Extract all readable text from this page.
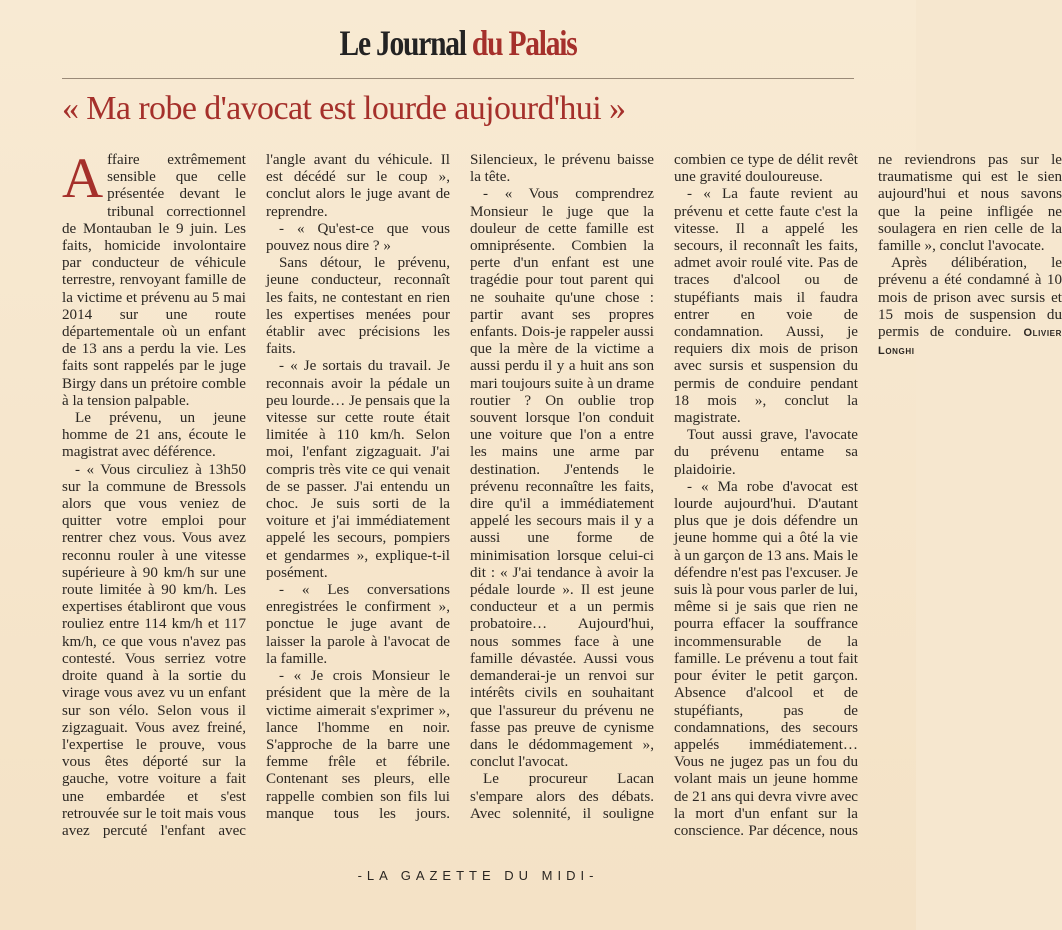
Le Journal du Palais
« Ma robe d'avocat est lourde aujourd'hui »

Affaire extrêmement sensible que celle présentée devant le tribunal correctionnel de Montauban le 9 juin. Les faits, homicide involontaire par conducteur de véhicule terrestre, renvoyant famille de la victime et prévenu au 5 mai 2014 sur une route départementale où un enfant de 13 ans a perdu la vie. Les faits sont rappelés par le juge Birgy dans un prétoire comble à la tension palpable.

Le prévenu, un jeune homme de 21 ans, écoute le magistrat avec déférence.

- « Vous circuliez à 13h50 sur la commune de Bressols alors que vous veniez de quitter votre emploi pour rentrer chez vous. Vous avez reconnu rouler à une vitesse supérieure à 90 km/h sur une route limitée à 90 km/h. Les expertises établiront que vous rouliez entre 114 km/h et 117 km/h, ce que vous n'avez pas contesté. Vous serriez votre droite quand à la sortie du virage vous avez vu un enfant sur son vélo. Selon vous il zigzaguait. Vous avez freiné, l'expertise le prouve, vous vous êtes déporté sur la gauche, votre voiture a fait une embardée et s'est retrouvée sur le toit mais vous avez percuté l'enfant avec l'angle avant du véhicule. Il est décédé sur le coup », conclut alors le juge avant de reprendre.

- « Qu'est-ce que vous pouvez nous dire ? »

Sans détour, le prévenu, jeune conducteur, reconnaît les faits, ne contestant en rien les expertises menées pour établir avec précisions les faits.

- « Je sortais du travail. Je reconnais avoir la pédale un peu lourde… Je pensais que la vitesse sur cette route était limitée à 110 km/h. Selon moi, l'enfant zigzaguait. J'ai compris très vite ce qui venait de se passer. J'ai entendu un choc. Je suis sorti de la voiture et j'ai immédiatement appelé les secours, pompiers et gendarmes », explique-t-il posément.

- « Les conversations enregistrées le confirment », ponctue le juge avant de laisser la parole à l'avocat de la famille.

- « Je crois Monsieur le président que la mère de la victime aimerait s'exprimer », lance l'homme en noir. S'approche de la barre une femme frêle et fébrile. Contenant ses pleurs, elle rappelle combien son fils lui manque tous les jours. Silencieux, le prévenu baisse la tête.

- « Vous comprendrez Monsieur le juge que la douleur de cette famille est omniprésente. Combien la perte d'un enfant est une tragédie pour tout parent qui ne souhaite qu'une chose : partir avant ses propres enfants. Dois-je rappeler aussi que la mère de la victime a aussi perdu il y a huit ans son mari toujours suite à un drame routier ? On oublie trop souvent lorsque l'on conduit une voiture que l'on a entre les mains une arme par destination. J'entends le prévenu reconnaître les faits, dire qu'il a immédiatement appelé les secours mais il y a aussi une forme de minimisation lorsque celui-ci dit : « J'ai tendance à avoir la pédale lourde ». Il est jeune conducteur et a un permis probatoire… Aujourd'hui, nous sommes face à une famille dévastée. Aussi vous demanderai-je un renvoi sur intérêts civils en souhaitant que l'assureur du prévenu ne fasse pas preuve de cynisme dans le dédommagement », conclut l'avocat.

Le procureur Lacan s'empare alors des débats. Avec solennité, il souligne combien ce type de délit revêt une gravité douloureuse.

- « La faute revient au prévenu et cette faute c'est la vitesse. Il a appelé les secours, il reconnaît les faits, admet avoir roulé vite. Pas de traces d'alcool ou de stupéfiants mais il faudra entrer en voie de condamnation. Aussi, je requiers dix mois de prison avec sursis et suspension du permis de conduire pendant 18 mois », conclut la magistrate.

Tout aussi grave, l'avocate du prévenu entame sa plaidoirie.

- « Ma robe d'avocat est lourde aujourd'hui. D'autant plus que je dois défendre un jeune homme qui a ôté la vie à un garçon de 13 ans. Mais le défendre n'est pas l'excuser. Je suis là pour vous parler de lui, même si je sais que rien ne pourra effacer la souffrance incommensurable de la famille. Le prévenu a tout fait pour éviter le petit garçon. Absence d'alcool et de stupéfiants, pas de condamnations, des secours appelés immédiatement… Vous ne jugez pas un fou du volant mais un jeune homme de 21 ans qui devra vivre avec la mort d'un enfant sur la conscience. Par décence, nous ne reviendrons pas sur le traumatisme qui est le sien aujourd'hui et nous savons que la peine infligée ne soulagera en rien celle de la famille », conclut l'avocate.

Après délibération, le prévenu a été condamné à 10 mois de prison avec sursis et 15 mois de suspension du permis de conduire. Olivier Longhi

-LA GAZETTE DU MIDI-
